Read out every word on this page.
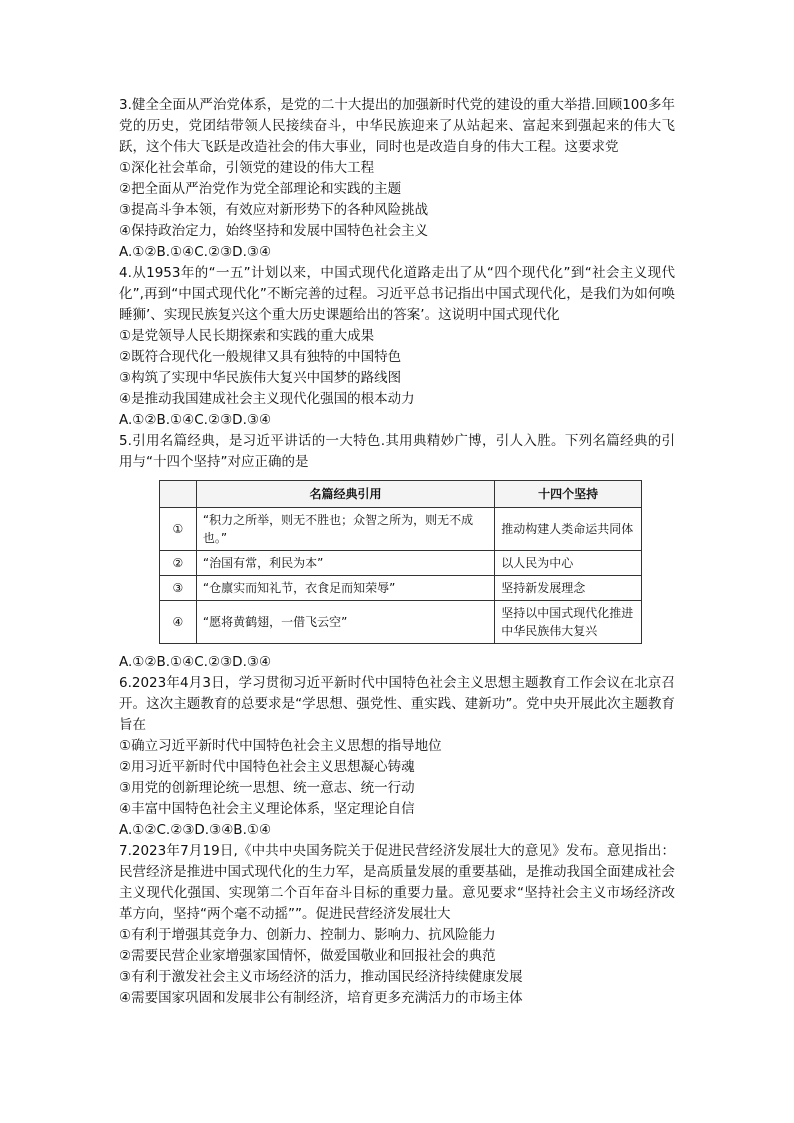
3.健全全面从严治党体系，是党的二十大提出的加强新时代党的建设的重大举措.回顾100多年党的历史，党团结带领人民接续奋斗，中华民族迎来了从站起来、富起来到强起来的伟大飞跃，这个伟大飞跃是改造社会的伟大事业，同时也是改造自身的伟大工程。这要求党

①深化社会革命，引领党的建设的伟大工程

②把全面从严治党作为党全部理论和实践的主题

③提高斗争本领，有效应对新形势下的各种风险挑战

④保持政治定力，始终坚持和发展中国特色社会主义

A.①②B.①④C.②③D.③④

4.从1953年的“一五”计划以来，中国式现代化道路走出了从“四个现代化”到“社会主义现代化”,再到“中国式现代化”不断完善的过程。习近平总书记指出中国式现代化，是我们为如何唤睡狮’、实现民族复兴这个重大历史课题给出的答案’。这说明中国式现代化

①是党领导人民长期探索和实践的重大成果

②既符合现代化一般规律又具有独特的中国特色

③构筑了实现中华民族伟大复兴中国梦的路线图

④是推动我国建成社会主义现代化强国的根本动力

A.①②B.①④C.②③D.③④

5.引用名篇经典，是习近平讲话的一大特色.其用典精妙广博，引人入胜。下列名篇经典的引用与“十四个坚持”对应正确的是

	名篇经典引用	十四个坚持
①	“积力之所举，则无不胜也；众智之所为，则无不成也。”	推动构建人类命运共同体
②	“治国有常，利民为本”	以人民为中心
③	“仓廪实而知礼节，衣食足而知荣辱”	坚持新发展理念
④	“愿将黄鹤翅，一借飞云空”	坚持以中国式现代化推进中华民族伟大复兴

A.①②B.①④C.②③D.③④

6.2023年4月3日，学习贯彻习近平新时代中国特色社会主义思想主题教育工作会议在北京召开。这次主题教育的总要求是“学思想、强党性、重实践、建新功”。党中央开展此次主题教育旨在

①确立习近平新时代中国特色社会主义思想的指导地位

②用习近平新时代中国特色社会主义思想凝心铸魂

③用党的创新理论统一思想、统一意志、统一行动

④丰富中国特色社会主义理论体系，坚定理论自信

A.①②C.②③D.③④B.①④

7.2023年7月19日,《中共中央国务院关于促进民营经济发展壮大的意见》发布。意见指出：民营经济是推进中国式现代化的生力军，是高质量发展的重要基础，是推动我国全面建成社会主义现代化强国、实现第二个百年奋斗目标的重要力量。意见要求“坚持社会主义市场经济改革方向，坚持“两个毫不动摇””。促进民营经济发展壮大

①有利于增强其竞争力、创新力、控制力、影响力、抗风险能力

②需要民营企业家增强家国情怀，做爱国敬业和回报社会的典范

③有利于激发社会主义市场经济的活力，推动国民经济持续健康发展

④需要国家巩固和发展非公有制经济，培育更多充满活力的市场主体
